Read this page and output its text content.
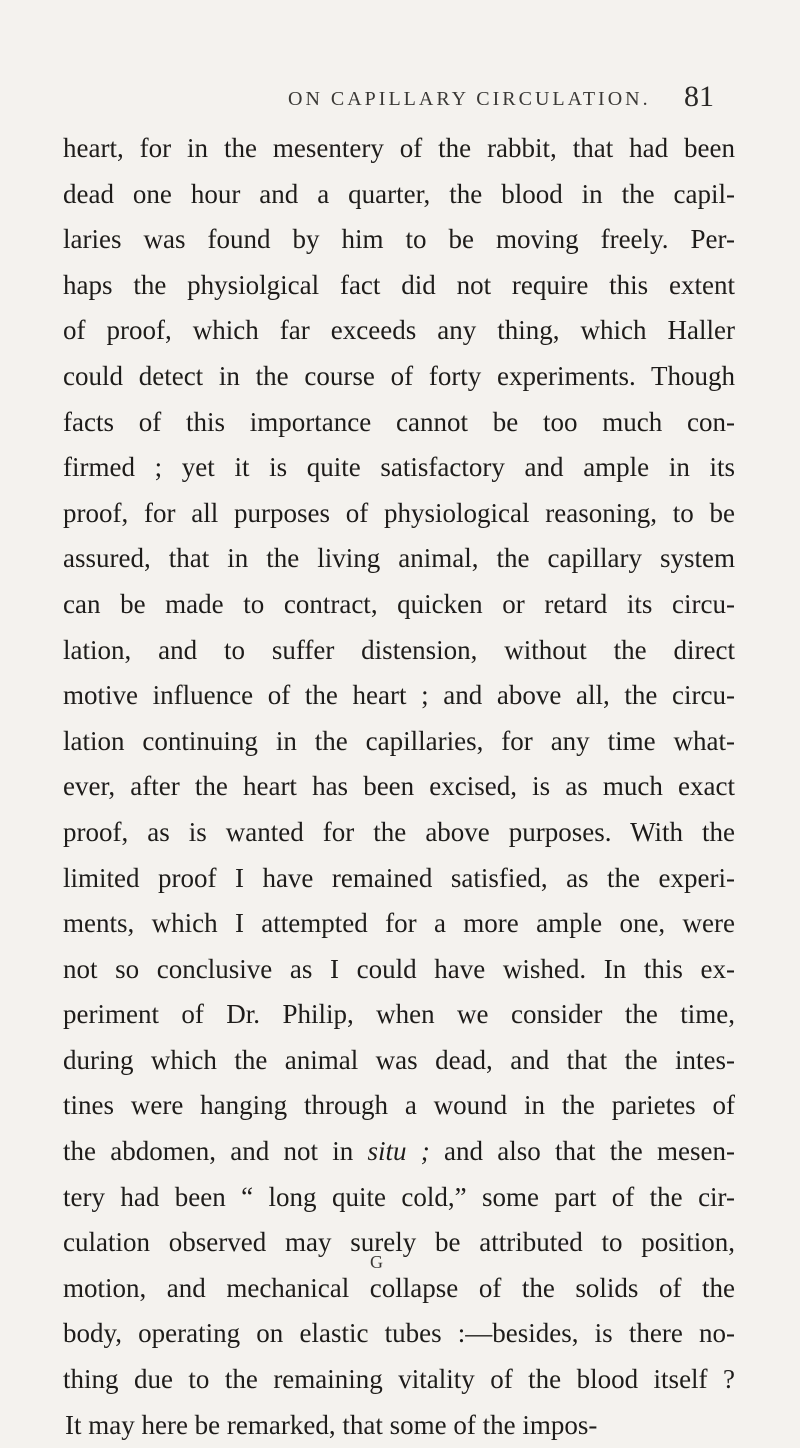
ON CAPILLARY CIRCULATION. 81
heart, for in the mesentery of the rabbit, that had been
dead one hour and a quarter, the blood in the capil-
laries was found by him to be moving freely. Per-
haps the physiolgical fact did not require this extent
of proof, which far exceeds any thing, which Haller
could detect in the course of forty experiments. Though
facts of this importance cannot be too much con-
firmed ; yet it is quite satisfactory and ample in its
proof, for all purposes of physiological reasoning, to be
assured, that in the living animal, the capillary system
can be made to contract, quicken or retard its circu-
lation, and to suffer distension, without the direct
motive influence of the heart ; and above all, the circu-
lation continuing in the capillaries, for any time what-
ever, after the heart has been excised, is as much exact
proof, as is wanted for the above purposes. With the
limited proof I have remained satisfied, as the experi-
ments, which I attempted for a more ample one, were
not so conclusive as I could have wished. In this ex-
periment of Dr. Philip, when we consider the time,
during which the animal was dead, and that the intes-
tines were hanging through a wound in the parietes of
the abdomen, and not in situ ; and also that the mesen-
tery had been “ long quite cold,” some part of the cir-
culation observed may surely be attributed to position,
motion, and mechanical collapse of the solids of the
body, operating on elastic tubes :—besides, is there no-
thing due to the remaining vitality of the blood itself ?
It may here be remarked, that some of the impos-
G
